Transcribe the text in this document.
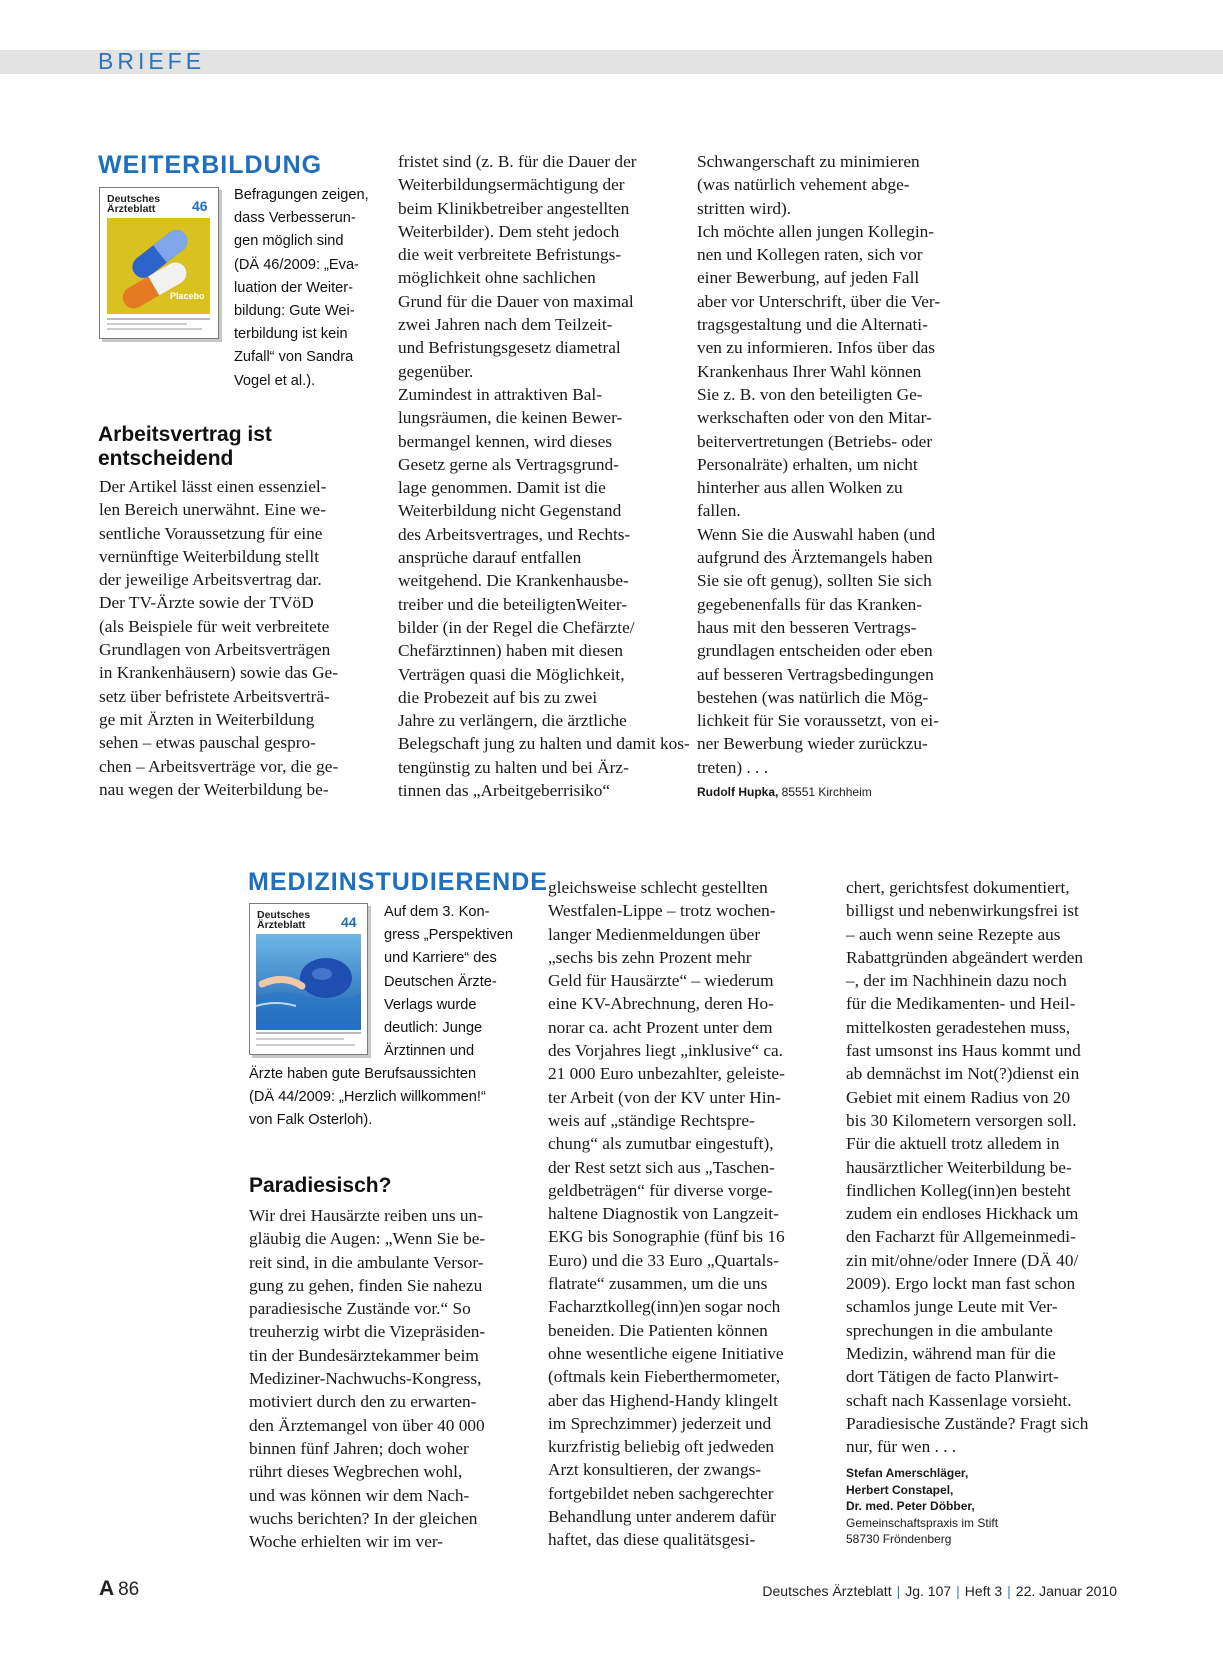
BRIEFE
WEITERBILDUNG
Deutsches
Ärzteblatt	46
Placebo
Befragungen zeigen,
dass Verbesserun-
gen möglich sind
(DÄ 46/2009: „Eva-
luation der Weiter-
bildung: Gute Wei-
terbildung ist kein
Zufall“ von Sandra
Vogel et al.).
Arbeitsvertrag ist
entscheidend
Der Artikel lässt einen essenziel-
len Bereich unerwähnt. Eine we-
sentliche Voraussetzung für eine
vernünftige Weiterbildung stellt
der jeweilige Arbeitsvertrag dar.
Der TV-Ärzte sowie der TVöD
(als Beispiele für weit verbreitete
Grundlagen von Arbeitsverträgen
in Krankenhäusern) sowie das Ge-
setz über befristete Arbeitsverträ-
ge mit Ärzten in Weiterbildung
sehen – etwas pauschal gespro-
chen – Arbeitsverträge vor, die ge-
nau wegen der Weiterbildung be-
fristet sind (z. B. für die Dauer der
Weiterbildungsermächtigung der
beim Klinikbetreiber angestellten
Weiterbilder). Dem steht jedoch
die weit verbreitete Befristungs-
möglichkeit ohne sachlichen
Grund für die Dauer von maximal
zwei Jahren nach dem Teilzeit-
und Befristungsgesetz diametral
gegenüber.
Zumindest in attraktiven Bal-
lungsräumen, die keinen Bewer-
bermangel kennen, wird dieses
Gesetz gerne als Vertragsgrund-
lage genommen. Damit ist die
Weiterbildung nicht Gegenstand
des Arbeitsvertrages, und Rechts-
ansprüche darauf entfallen
weitgehend. Die Krankenhausbe-
treiber und die beteiligtenWeiter-
bilder (in der Regel die Chefärzte/
Chefärztinnen) haben mit diesen
Verträgen quasi die Möglichkeit,
die Probezeit auf bis zu zwei
Jahre zu verlängern, die ärztliche
Belegschaft jung zu halten und damit kos-
tengünstig zu halten und bei Ärz-
tinnen das „Arbeitgeberrisiko“
Schwangerschaft zu minimieren
(was natürlich vehement abge-
stritten wird).
Ich möchte allen jungen Kollegin-
nen und Kollegen raten, sich vor
einer Bewerbung, auf jeden Fall
aber vor Unterschrift, über die Ver-
tragsgestaltung und die Alternati-
ven zu informieren. Infos über das
Krankenhaus Ihrer Wahl können
Sie z. B. von den beteiligten Ge-
werkschaften oder von den Mitar-
beitervertretungen (Betriebs- oder
Personalräte) erhalten, um nicht
hinterher aus allen Wolken zu
fallen.
Wenn Sie die Auswahl haben (und
aufgrund des Ärztemangels haben
Sie sie oft genug), sollten Sie sich
gegebenenfalls für das Kranken-
haus mit den besseren Vertrags-
grundlagen entscheiden oder eben
auf besseren Vertragsbedingungen
bestehen (was natürlich die Mög-
lichkeit für Sie voraussetzt, von ei-
ner Bewerbung wieder zurückzu-
treten) . . .
Rudolf Hupka, 85551 Kirchheim
MEDIZINSTUDIERENDE
Deutsches
Ärzteblatt	44
Auf dem 3. Kon-
gress „Perspektiven
und Karriere“ des
Deutschen Ärzte-
Verlags wurde
deutlich: Junge
Ärztinnen und
Ärzte haben gute Berufsaussichten
(DÄ 44/2009: „Herzlich willkommen!“
von Falk Osterloh).
Paradiesisch?
Wir drei Hausärzte reiben uns un-
gläubig die Augen: „Wenn Sie be-
reit sind, in die ambulante Versor-
gung zu gehen, finden Sie nahezu
paradiesische Zustände vor.“ So
treuherzig wirbt die Vizepräsiden-
tin der Bundesärztekammer beim
Mediziner-Nachwuchs-Kongress,
motiviert durch den zu erwarten-
den Ärztemangel von über 40 000
binnen fünf Jahren; doch woher
rührt dieses Wegbrechen wohl,
und was können wir dem Nach-
wuchs berichten? In der gleichen
Woche erhielten wir im ver-
gleichsweise schlecht gestellten
Westfalen-Lippe – trotz wochen-
langer Medienmeldungen über
„sechs bis zehn Prozent mehr
Geld für Hausärzte“ – wiederum
eine KV-Abrechnung, deren Ho-
norar ca. acht Prozent unter dem
des Vorjahres liegt „inklusive“ ca.
21 000 Euro unbezahlter, geleiste-
ter Arbeit (von der KV unter Hin-
weis auf „ständige Rechtspre-
chung“ als zumutbar eingestuft),
der Rest setzt sich aus „Taschen-
geldbeträgen“ für diverse vorge-
haltene Diagnostik von Langzeit-
EKG bis Sonographie (fünf bis 16
Euro) und die 33 Euro „Quartals-
flatrate“ zusammen, um die uns
Facharztkolleg(inn)en sogar noch
beneiden. Die Patienten können
ohne wesentliche eigene Initiative
(oftmals kein Fieberthermometer,
aber das Highend-Handy klingelt
im Sprechzimmer) jederzeit und
kurzfristig beliebig oft jedweden
Arzt konsultieren, der zwangs-
fortgebildet neben sachgerechter
Behandlung unter anderem dafür
haftet, das diese qualitätsgesi-
chert, gerichtsfest dokumentiert,
billigst und nebenwirkungsfrei ist
– auch wenn seine Rezepte aus
Rabattgründen abgeändert werden
–, der im Nachhinein dazu noch
für die Medikamenten- und Heil-
mittelkosten geradestehen muss,
fast umsonst ins Haus kommt und
ab demnächst im Not(?)dienst ein
Gebiet mit einem Radius von 20
bis 30 Kilometern versorgen soll.
Für die aktuell trotz alledem in
hausärztlicher Weiterbildung be-
findlichen Kolleg(inn)en besteht
zudem ein endloses Hickhack um
den Facharzt für Allgemeinmedi-
zin mit/ohne/oder Innere (DÄ 40/
2009). Ergo lockt man fast schon
schamlos junge Leute mit Ver-
sprechungen in die ambulante
Medizin, während man für die
dort Tätigen de facto Planwirt-
schaft nach Kassenlage vorsieht.
Paradiesische Zustände? Fragt sich
nur, für wen . . .
Stefan Amerschläger,
Herbert Constapel,
Dr. med. Peter Döbber,
Gemeinschaftspraxis im Stift
58730 Fröndenberg
A 86	Deutsches Ärzteblatt | Jg. 107 | Heft 3 | 22. Januar 2010
